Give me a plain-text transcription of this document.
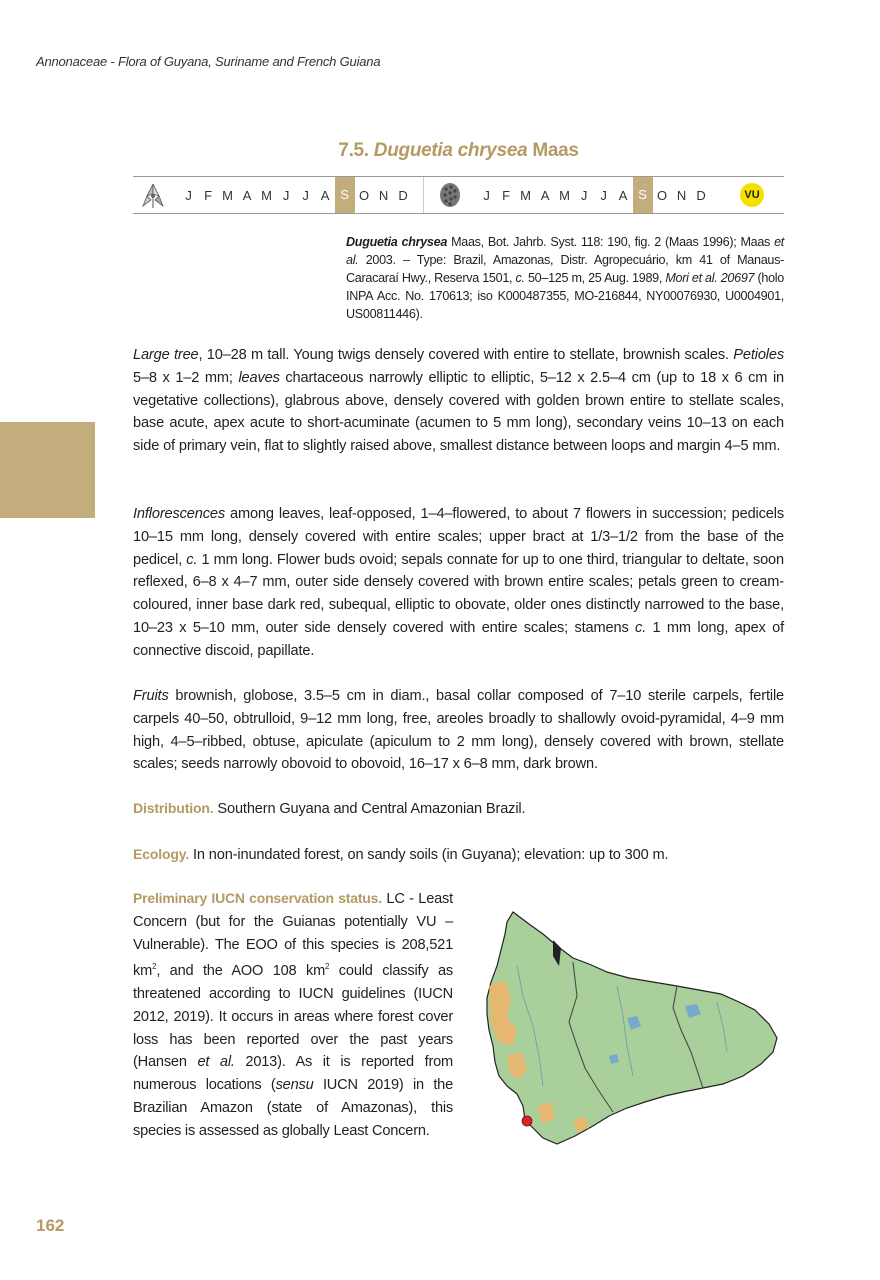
Annonaceae - Flora of Guyana, Suriname and French Guiana
7.5. Duguetia chrysea Maas
J F M A M J J A S O N D	J F M A M J J A S O N D	VU
Duguetia chrysea Maas, Bot. Jahrb. Syst. 118: 190, fig. 2 (Maas 1996); Maas et al. 2003. – Type: Brazil, Amazonas, Distr. Agropecuário, km 41 of Manaus-Caracaraí Hwy., Reserva 1501, c. 50–125 m, 25 Aug. 1989, Mori et al. 20697 (holo INPA Acc. No. 170613; iso K000487355, MO-216844, NY00076930, U0004901, US00811446).
Large tree, 10–28 m tall. Young twigs densely covered with entire to stellate, brownish scales. Petioles 5–8 x 1–2 mm; leaves chartaceous narrowly elliptic to elliptic, 5–12 x 2.5–4 cm (up to 18 x 6 cm in vegetative collections), glabrous above, densely covered with golden brown entire to stellate scales, base acute, apex acute to short-acuminate (acumen to 5 mm long), secondary veins 10–13 on each side of primary vein, flat to slightly raised above, smallest distance between loops and margin 4–5 mm.
Inflorescences among leaves, leaf-opposed, 1–4–flowered, to about 7 flowers in succession; pedicels 10–15 mm long, densely covered with entire scales; upper bract at 1/3–1/2 from the base of the pedicel, c. 1 mm long. Flower buds ovoid; sepals connate for up to one third, triangular to deltate, soon reflexed, 6–8 x 4–7 mm, outer side densely covered with brown entire scales; petals green to cream-coloured, inner base dark red, subequal, elliptic to obovate, older ones distinctly narrowed to the base, 10–23 x 5–10 mm, outer side densely covered with entire scales; stamens c. 1 mm long, apex of connective discoid, papillate.
Fruits brownish, globose, 3.5–5 cm in diam., basal collar composed of 7–10 sterile carpels, fertile carpels 40–50, obtrulloid, 9–12 mm long, free, areoles broadly to shallowly ovoid-pyramidal, 4–9 mm high, 4–5–ribbed, obtuse, apiculate (apiculum to 2 mm long), densely covered with brown, stellate scales; seeds narrowly obovoid to obovoid, 16–17 x 6–8 mm, dark brown.
Distribution. Southern Guyana and Central Amazonian Brazil.
Ecology. In non-inundated forest, on sandy soils (in Guyana); elevation: up to 300 m.
Preliminary IUCN conservation status. LC - Least Concern (but for the Guianas potentially VU – Vulnerable). The EOO of this species is 208,521 $km^2$, and the AOO 108 $km^2$ could classify as threatened according to IUCN guidelines (IUCN 2012, 2019). It occurs in areas where forest cover loss has been reported over the past years (Hansen et al. 2013). As it is reported from numerous locations (sensu IUCN 2019) in the Brazilian Amazon (state of Amazonas), this species is assessed as globally Least Concern.
162
